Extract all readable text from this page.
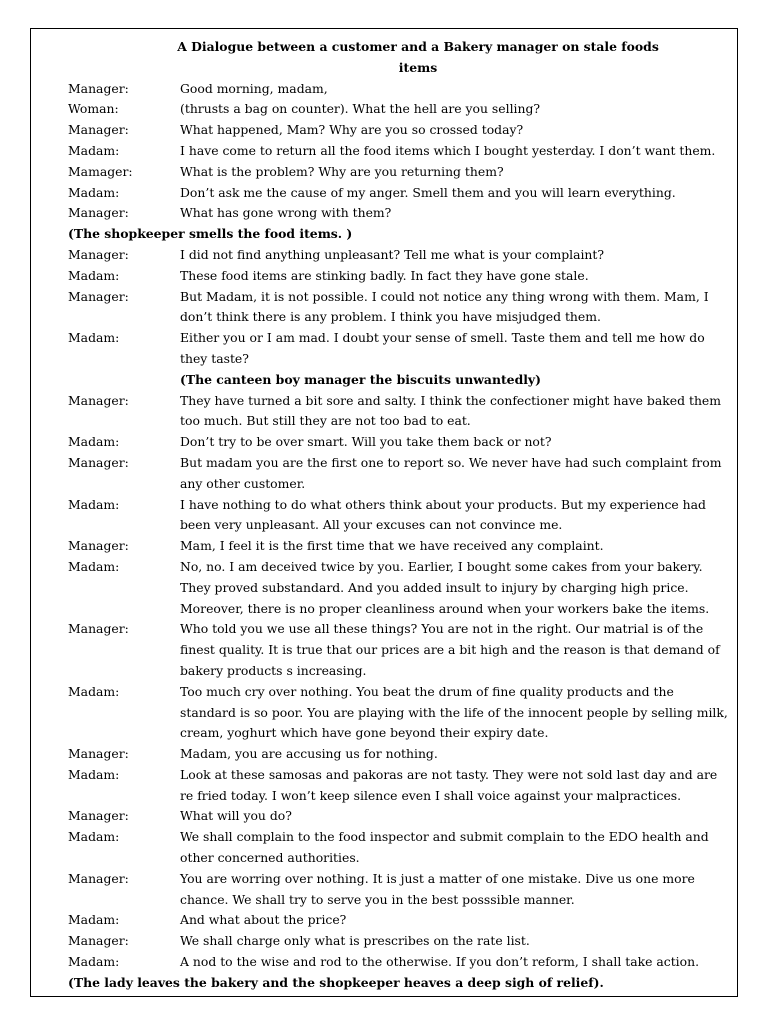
A Dialogue between a customer and a Bakery manager on stale foods items
Manager:	Good morning, madam,
Woman:	(thrusts a bag on counter). What the hell are you selling?
Manager:	What happened, Mam? Why are you so crossed today?
Madam:	I have come to return all the food items which I bought yesterday. I don’t want them.
Mamager:	What is the problem? Why are you returning them?
Madam:	Don’t ask me the cause of my anger. Smell them and you will learn everything.
Manager:	What has gone wrong with them?
(The shopkeeper smells the food items. )
Manager:	I did not find anything unpleasant? Tell me what is your complaint?
Madam:	These food items are stinking badly. In fact they have gone stale.
Manager:	But Madam, it is not possible. I could not notice any thing wrong with them. Mam, I don’t think there is any problem. I think you have misjudged them.
Madam:	Either you or I am mad. I doubt your sense of smell. Taste them and tell me how do they taste?
(The canteen boy manager the biscuits unwantedly)
Manager:	They have turned a bit sore and salty. I think the confectioner might have baked them too much. But still they are not too bad to eat.
Madam:	Don’t try to be over smart. Will you take them back or not?
Manager:	But madam you are the first one to report so. We never have had such complaint from any other customer.
Madam:	I have nothing to do what others think about your products. But my experience had been very unpleasant. All your excuses can not convince me.
Manager:	Mam, I feel it is the first time that we have received any complaint.
Madam:	No, no. I am deceived twice by you. Earlier, I bought some cakes from your bakery. They proved substandard. And you added insult to injury by charging high price. Moreover, there is no proper cleanliness around when your workers bake the items.
Manager:	Who told you we use all these things? You are not in the right. Our matrial is of the finest quality. It is true that our prices are a bit high and the reason is that demand of bakery products s increasing.
Madam:	Too much cry over nothing. You beat the drum of fine quality products and the standard is so poor. You are playing with the life of the innocent people by selling milk, cream, yoghurt which have gone beyond their expiry date.
Manager:	Madam, you are accusing us for nothing.
Madam:	Look at these samosas and pakoras are not tasty. They were not sold last day and are re fried today. I won’t keep silence even I shall voice against your malpractices.
Manager:	What will you do?
Madam:	We shall complain to the food inspector and submit complain to the EDO health and other concerned authorities.
Manager:	You are worring over nothing. It is just a matter of one mistake. Dive us one more chance. We shall try to serve you in the best posssible manner.
Madam:	And what about the price?
Manager:	We shall charge only what is prescribes on the rate list.
Madam:	A nod to the wise and rod to the otherwise. If you don’t reform, I shall take action.
(The lady leaves the bakery and the shopkeeper heaves a deep sigh of relief).
